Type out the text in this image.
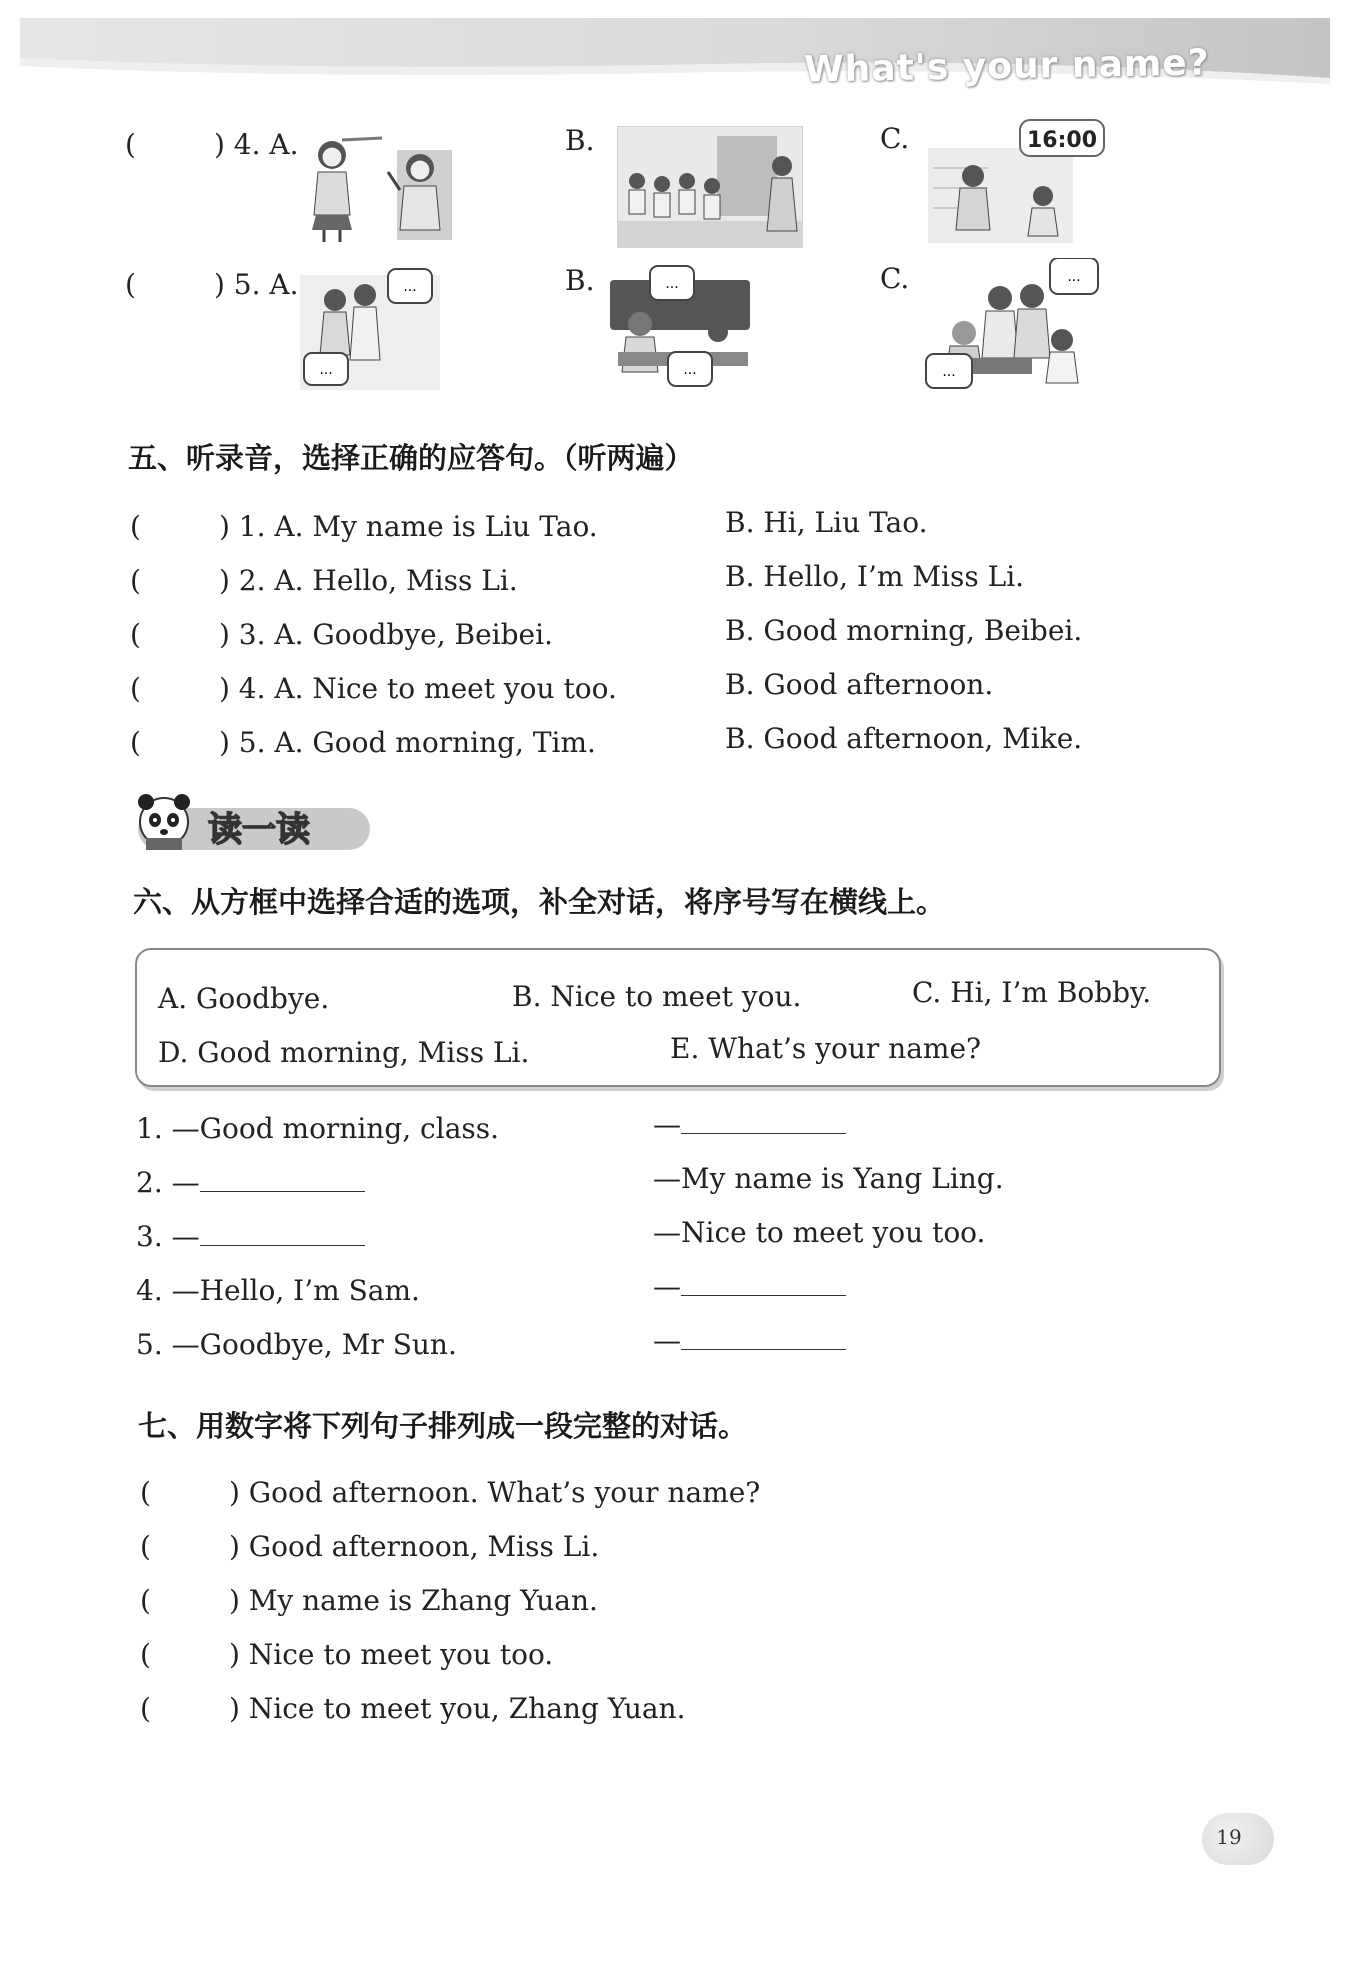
What's your name?
(	) 4. A.	B.	C.	16:00
(	) 5. A.	B.	C.
...
...
...
...
...
...
五、听录音，选择正确的应答句。（听两遍）
(	) 1. A. My name is Liu Tao.	B. Hi, Liu Tao.
(	) 2. A. Hello, Miss Li.	B. Hello, I’m Miss Li.
(	) 3. A. Goodbye, Beibei.	B. Good morning, Beibei.
(	) 4. A. Nice to meet you too.	B. Good afternoon.
(	) 5. A. Good morning, Tim.	B. Good afternoon, Mike.
读一读
六、从方框中选择合适的选项，补全对话，将序号写在横线上。
A. Goodbye.	B. Nice to meet you.	C. Hi, I’m Bobby.
D. Good morning, Miss Li.	E. What’s your name?
1. —Good morning, class.	—
2. —	—My name is Yang Ling.
3. —	—Nice to meet you too.
4. —Hello, I’m Sam.	—
5. —Goodbye, Mr Sun.	—
七、用数字将下列句子排列成一段完整的对话。
(	) Good afternoon. What’s your name?
(	) Good afternoon, Miss Li.
(	) My name is Zhang Yuan.
(	) Nice to meet you too.
(	) Nice to meet you, Zhang Yuan.
19
